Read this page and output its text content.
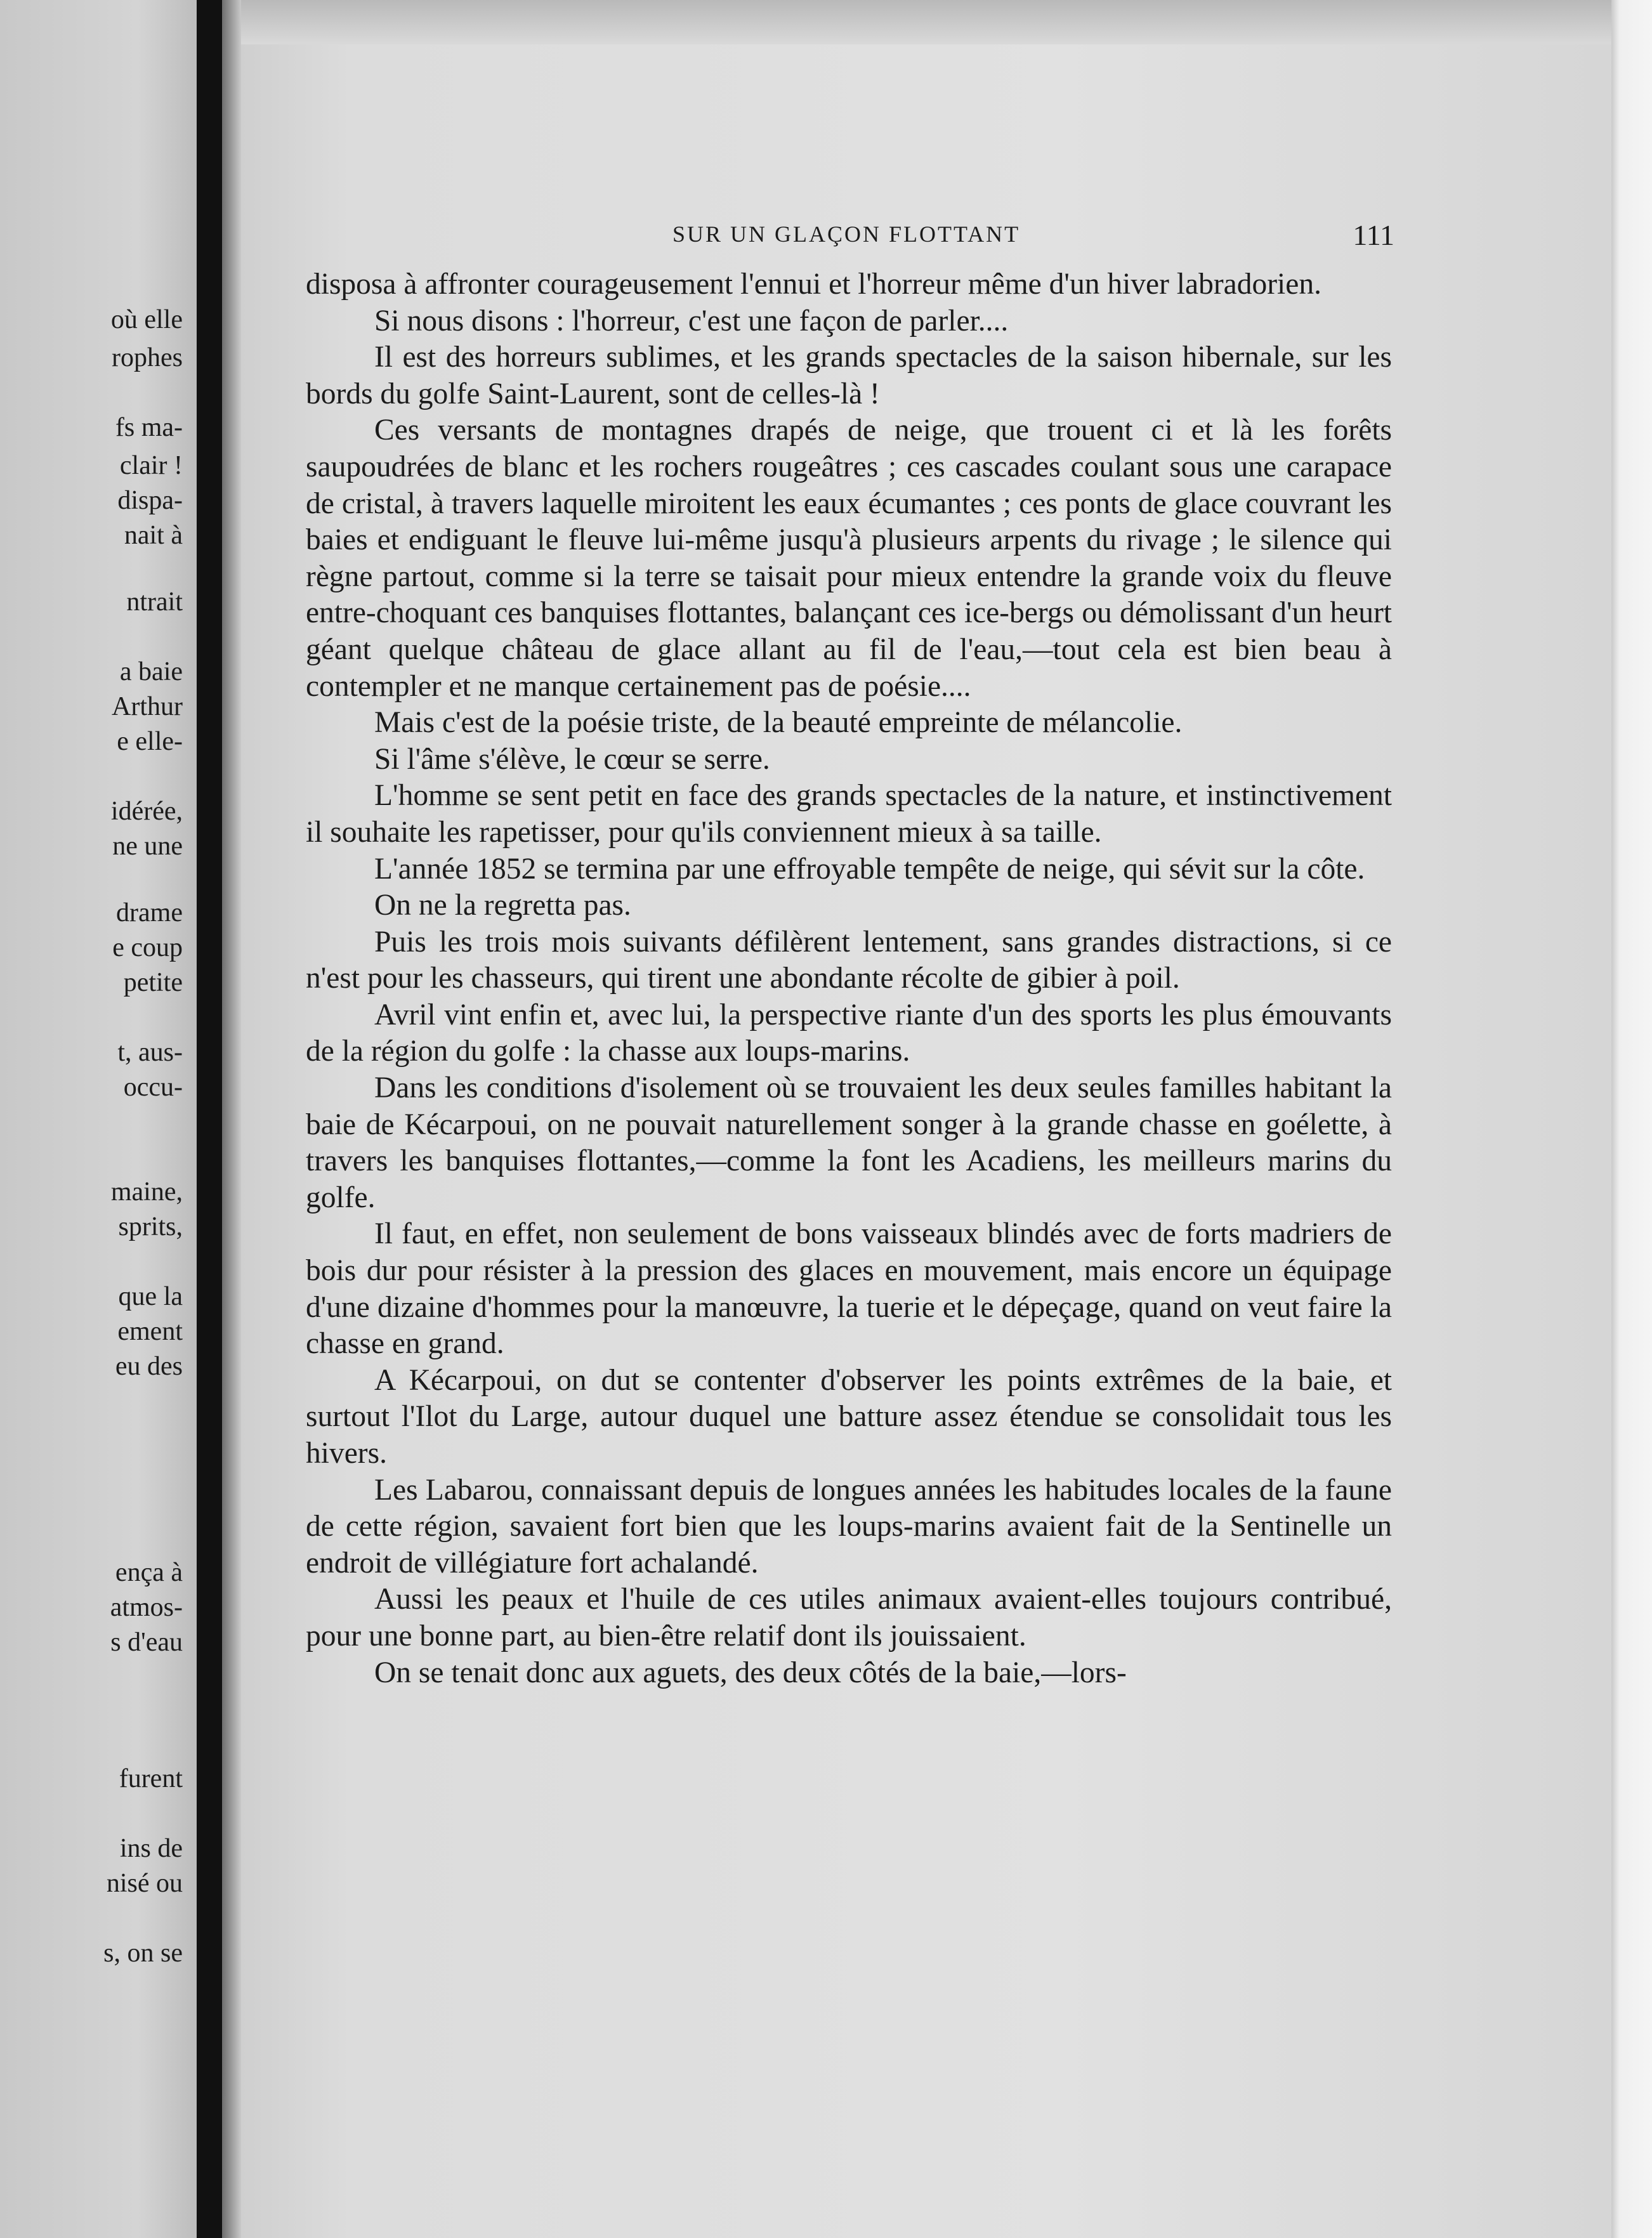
où elle
rophes
fs ma-
clair !
dispa-
nait à
ntrait
a baie
Arthur
e elle-
idérée,
ne une
drame
e coup
petite
t, aus-
occu-
maine,
sprits,
que la
ement
eu des
ença à
atmos-
s d'eau
furent
ins de
nisé ou
s, on se
SUR UN GLAÇON FLOTTANT	111

disposa à affronter courageusement l'ennui et l'horreur même d'un hiver labradorien.

Si nous disons : l'horreur, c'est une façon de parler....

Il est des horreurs sublimes, et les grands spectacles de la saison hibernale, sur les bords du golfe Saint-Laurent, sont de celles-là !

Ces versants de montagnes drapés de neige, que trouent ci et là les forêts saupoudrées de blanc et les rochers rougeâtres ; ces cascades coulant sous une carapace de cristal, à travers laquelle miroitent les eaux écumantes ; ces ponts de glace couvrant les baies et endiguant le fleuve lui-même jusqu'à plusieurs arpents du rivage ; le silence qui règne partout, comme si la terre se taisait pour mieux entendre la grande voix du fleuve entre-choquant ces banquises flottantes, balançant ces ice-bergs ou démolissant d'un heurt géant quelque château de glace allant au fil de l'eau,—tout cela est bien beau à contempler et ne manque certainement pas de poésie....

Mais c'est de la poésie triste, de la beauté empreinte de mélancolie.

Si l'âme s'élève, le cœur se serre.

L'homme se sent petit en face des grands spectacles de la nature, et instinctivement il souhaite les rapetisser, pour qu'ils conviennent mieux à sa taille.

L'année 1852 se termina par une effroyable tempête de neige, qui sévit sur la côte.

On ne la regretta pas.

Puis les trois mois suivants défilèrent lentement, sans grandes distractions, si ce n'est pour les chasseurs, qui tirent une abondante récolte de gibier à poil.

Avril vint enfin et, avec lui, la perspective riante d'un des sports les plus émouvants de la région du golfe : la chasse aux loups-marins.

Dans les conditions d'isolement où se trouvaient les deux seules familles habitant la baie de Kécarpoui, on ne pouvait naturellement songer à la grande chasse en goélette, à travers les banquises flottantes,—comme la font les Acadiens, les meilleurs marins du golfe.

Il faut, en effet, non seulement de bons vaisseaux blindés avec de forts madriers de bois dur pour résister à la pression des glaces en mouvement, mais encore un équipage d'une dizaine d'hommes pour la manœuvre, la tuerie et le dépeçage, quand on veut faire la chasse en grand.

A Kécarpoui, on dut se contenter d'observer les points extrêmes de la baie, et surtout l'Ilot du Large, autour duquel une batture assez étendue se consolidait tous les hivers.

Les Labarou, connaissant depuis de longues années les habitudes locales de la faune de cette région, savaient fort bien que les loups-marins avaient fait de la Sentinelle un endroit de villégiature fort achalandé.

Aussi les peaux et l'huile de ces utiles animaux avaient-elles toujours contribué, pour une bonne part, au bien-être relatif dont ils jouissaient.

On se tenait donc aux aguets, des deux côtés de la baie,—lors-
